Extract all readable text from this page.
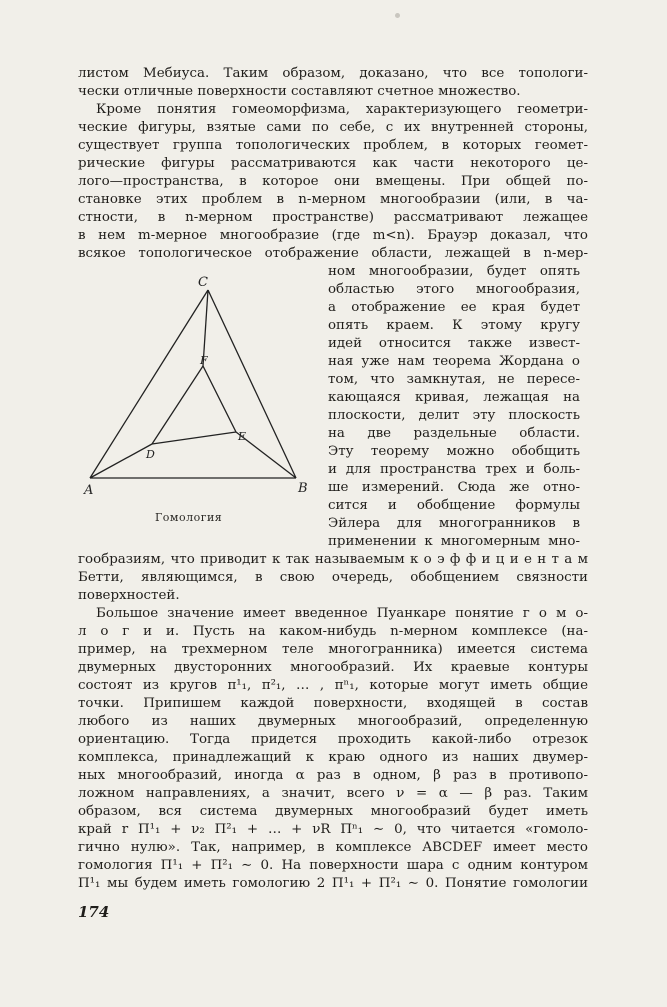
листом Мебиуса. Таким образом, доказано, что все топологи-
чески отличные поверхности составляют счетное множество.
Кроме понятия гомеоморфизма, характеризующего геометри-
ческие фигуры, взятые сами по себе, с их внутренней стороны,
существует группа топологических проблем, в которых геомет-
рические фигуры рассматриваются как части некоторого це-
лого—пространства, в которое они вмещены. При общей по-
становке этих проблем в n-мерном многообразии (или, в ча-
стности, в n-мерном пространстве) рассматривают лежащее
в нем m-мерное многообразие (где m<n). Брауэр доказал, что
всякое топологическое отображение области, лежащей в n-мер-
ном многообразии, будет опять
областью этого многообразия,
а отображение ее края будет
опять краем. К этому кругу
идей относится также извест-
ная уже нам теорема Жордана о
том, что замкнутая, не пересе-
кающаяся кривая, лежащая на
плоскости, делит эту плоскость
на две раздельные области.
Эту теорему можно обобщить
и для пространства трех и боль-
ше измерений. Сюда же отно-
сится и обобщение формулы
Эйлера для многогранников в
применении к многомерным мно-
C
F
E
D
A	B
Гомология
гообразиям, что приводит к так называемым к о э ф ф и ц и е н т а м
Бетти, являющимся, в свою очередь, обобщением связности
поверхностей.
Большое значение имеет введенное Пуанкаре понятие г о м о-
л о г и и. Пусть на каком-нибудь n-мерном комплексе (на-
пример, на трехмерном теле многогранника) имеется система
двумерных двусторонних многообразий. Их краевые контуры
состоят из кругов π¹₁, π²₁, … , πⁿ₁, которые могут иметь общие
точки. Припишем каждой поверхности, входящей в состав
любого из наших двумерных многообразий, определенную
ориентацию. Тогда придется проходить какой-либо отрезок
комплекса, принадлежащий к краю одного из наших двумер-
ных многообразий, иногда α раз в одном, β раз в противопо-
ложном направлениях, а значит, всего ν = α — β раз. Таким
образом, вся система двумерных многообразий будет иметь
край r Π¹₁ + ν₂ Π²₁ + … + νR Πⁿ₁ ∼ 0, что читается «гомоло-
гично нулю». Так, например, в комплексе ABCDEF имеет место
гомология Π¹₁ + Π²₁ ∼ 0. На поверхности шара с одним контуром
Π¹₁ мы будем иметь гомологию 2 Π¹₁ + Π²₁ ∼ 0. Понятие гомологии
174
